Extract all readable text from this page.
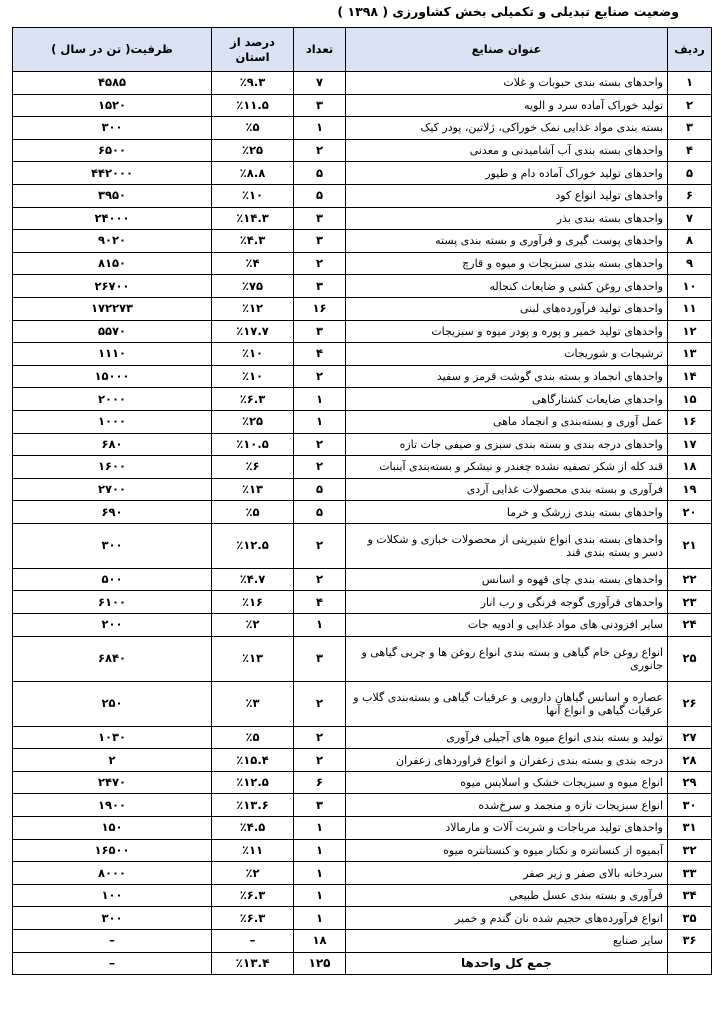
وضعیت صنایع تبدیلی و تکمیلی بخش کشاورزی ( ۱۳۹۸ )
ردیف	عنوان صنایع	تعداد	درصد از استان	ظرفیت( تن در سال )
۱	واحدهای بسته بندی حبوبات و غلات	۷	٪۹.۳	۴۵۸۵
۲	تولید خوراک آماده سرد و الویه	۳	٪۱۱.۵	۱۵۲۰
۳	بسته بندی مواد غذایی نمک خوراکی، ژلاتین، پودر کیک	۱	٪۵	۳۰۰
۴	واحدهای بسته بندی آب آشامیدنی و معدنی	۲	٪۲۵	۶۵۰۰
۵	واحدهای تولید خوراک آماده دام و طیور	۵	٪۸.۸	۴۴۲۰۰۰
۶	واحدهای تولید انواع کود	۵	٪۱۰	۳۹۵۰
۷	واحدهای بسته بندی بذر	۳	٪۱۴.۳	۲۴۰۰۰
۸	واحدهای پوست گیری و فرآوری و بسته بندی پسته	۳	٪۴.۳	۹۰۲۰
۹	واحدهای بسته بندی سبزیجات و میوه و قارچ	۲	٪۴	۸۱۵۰
۱۰	واحدهای روغن کشی و ضایعات کنجاله	۳	٪۷۵	۲۶۷۰۰
۱۱	واحدهای تولید فرآورده‌های لبنی	۱۶	٪۱۲	۱۷۲۲۷۳
۱۲	واحدهای تولید خمیر و پوره و پودر میوه و سبزیجات	۳	٪۱۷.۷	۵۵۷۰
۱۳	ترشیجات و شوریجات	۴	٪۱۰	۱۱۱۰
۱۴	واحدهای انجماد و بسته بندی گوشت قرمز و سفید	۲	٪۱۰	۱۵۰۰۰
۱۵	واحدهای ضایعات کشتارگاهی	۱	٪۶.۳	۲۰۰۰
۱۶	عمل آوری و بسته‌بندی و انجماد ماهی	۱	٪۲۵	۱۰۰۰
۱۷	واحدهای درجه بندی و بسته بندی سبزی و صیفی جات تازه	۲	٪۱۰.۵	۶۸۰
۱۸	قند کله از شکر تصفیه نشده چغندر و نیشکر و بسته‌بندی آبنبات	۲	٪۶	۱۶۰۰
۱۹	فرآوری و بسته بندی محصولات غذایی آردی	۵	٪۱۳	۲۷۰۰
۲۰	واحدهای بسته بندی زرشک و خرما	۵	٪۵	۶۹۰
۲۱	واحدهای بسته بندی انواع شیرینی از محصولات خبازی و شکلات و دسر و بسته بندی قند	۲	٪۱۲.۵	۳۰۰
۲۲	واحدهای بسته بندی چای قهوه و اسانس	۲	٪۴.۷	۵۰۰
۲۳	واحدهای فرآوری گوجه فرنگی و رب انار	۴	٪۱۶	۶۱۰۰
۲۴	سایر افزودنی های مواد غذایی و ادویه جات	۱	٪۲	۲۰۰
۲۵	انواع روغن خام گیاهی و بسته بندی انواع روغن ها و چربی گیاهی و جانوری	۳	٪۱۳	۶۸۴۰
۲۶	عصاره و اسانس گیاهان دارویی و عرقیات گیاهی و بسته‌بندی گلاب و عرقیات گیاهی و انواع آنها	۲	٪۳	۲۵۰
۲۷	تولید و بسته بندی انواع میوه های آجیلی فرآوری	۲	٪۵	۱۰۳۰
۲۸	درجه بندی و بسته بندی زعفران و انواع فراوردهای زعفران	۲	٪۱۵.۴	۲
۲۹	انواع میوه و سبزیجات خشک و اسلایس میوه	۶	٪۱۲.۵	۲۴۷۰
۳۰	انواع سبزیجات تازه و منجمد و سرخ‌شده	۳	٪۱۳.۶	۱۹۰۰
۳۱	واحدهای تولید مرباجات و شربت آلات و مارمالاد	۱	٪۴.۵	۱۵۰
۳۲	آبمیوه از کنسانتره و نکتار میوه و کنستانتره میوه	۱	٪۱۱	۱۶۵۰۰
۳۳	سردخانه بالای صفر و زیر صفر	۱	٪۲	۸۰۰۰
۳۴	فرآوری و بسته بندی عسل طبیعی	۱	٪۶.۳	۱۰۰
۳۵	انواع فرآورده‌های حجیم شده نان گندم و خمیر	۱	٪۶.۳	۳۰۰
۳۶	سایر صنایع	۱۸	–	–
	جمع کل واحدها	۱۲۵	٪۱۳.۴	–
